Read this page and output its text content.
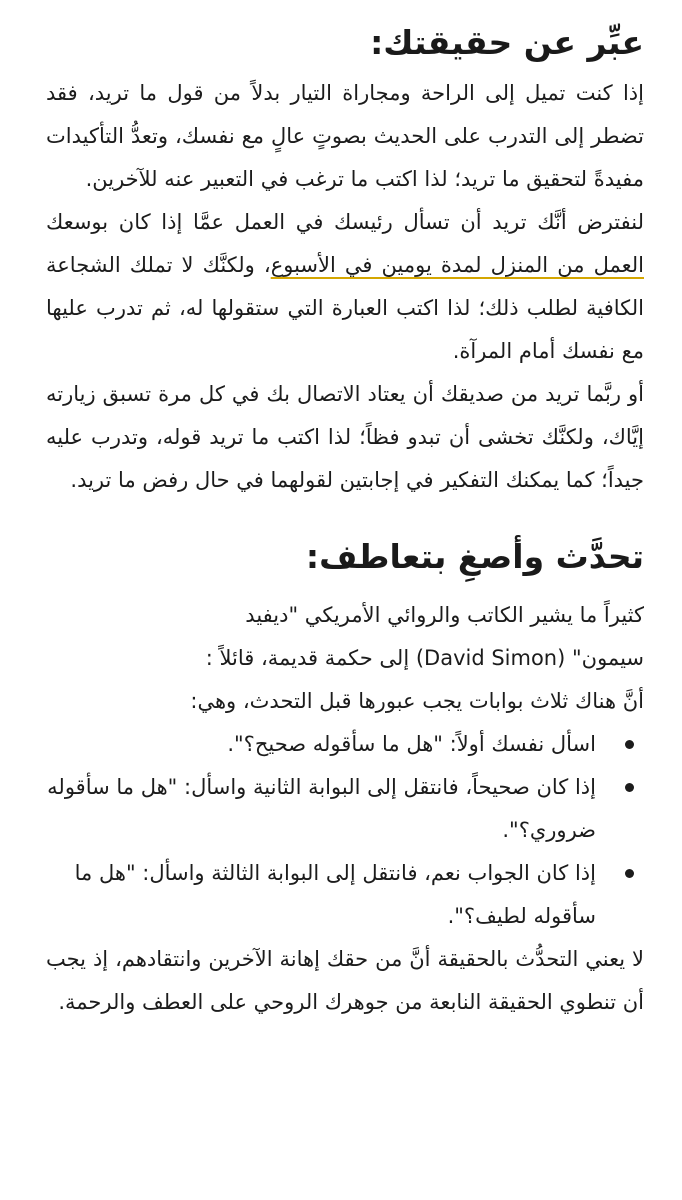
عبِّر عن حقيقتك:

إذا كنت تميل إلى الراحة ومجاراة التيار بدلاً من قول ما تريد، فقد تضطر إلى التدرب على الحديث بصوتٍ عالٍ مع نفسك، وتعدُّ التأكيدات مفيدةً لتحقيق ما تريد؛ لذا اكتب ما ترغب في التعبير عنه للآخرين.

لنفترض أنَّك تريد أن تسأل رئيسك في العمل عمَّا إذا كان بوسعك العمل من المنزل لمدة يومين في الأسبوع، ولكنَّك لا تملك الشجاعة الكافية لطلب ذلك؛ لذا اكتب العبارة التي ستقولها له، ثم تدرب عليها مع نفسك أمام المرآة.

أو ربَّما تريد من صديقك أن يعتاد الاتصال بك في كل مرة تسبق زيارته إيَّاك، ولكنَّك تخشى أن تبدو فظاً؛ لذا اكتب ما تريد قوله، وتدرب عليه جيداً؛ كما يمكنك التفكير في إجابتين لقولهما في حال رفض ما تريد.

تحدَّث وأصغِ بتعاطف:

كثيراً ما يشير الكاتب والروائي الأمريكي "ديفيد

سيمون" (David Simon) إلى حكمة قديمة، قائلاً :

أنَّ هناك ثلاث بوابات يجب عبورها قبل التحدث، وهي:

اسأل نفسك أولاً: "هل ما سأقوله صحيح؟".
إذا كان صحيحاً، فانتقل إلى البوابة الثانية واسأل: "هل ما سأقوله ضروري؟".
إذا كان الجواب نعم، فانتقل إلى البوابة الثالثة واسأل: "هل ما سأقوله لطيف؟".

لا يعني التحدُّث بالحقيقة أنَّ من حقك إهانة الآخرين وانتقادهم، إذ يجب أن تنطوي الحقيقة النابعة من جوهرك الروحي على العطف والرحمة.
